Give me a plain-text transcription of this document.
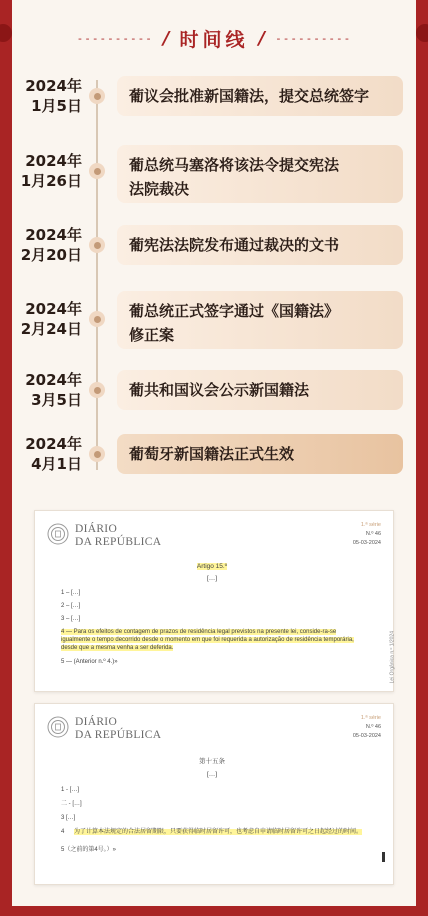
---------- / 时间线 / ----------
2024年
1月5日
葡议会批准新国籍法，提交总统签字
2024年
1月26日
葡总统马塞洛将该法令提交宪法
法院裁决
2024年
2月20日
葡宪法法院发布通过裁决的文书
2024年
2月24日
葡总统正式签字通过《国籍法》
修正案
2024年
3月5日
葡共和国议会公示新国籍法
2024年
4月1日
葡萄牙新国籍法正式生效
DIÁRIO
DA REPÚBLICA
1.ª série
N.º 46
05-03-2024
Artigo 15.º
[…]
1 – […]
2 – […]
3 – […]
4 — Para os efeitos de contagem de prazos de residência legal previstos na presente lei, conside-ra-se igualmente o tempo decorrido desde o momento em que foi requerida a autorização de residência temporária, desde que a mesma venha a ser deferida.
5 — (Anterior n.º 4.)»	Lei Orgânica n.º 1/2024
DIÁRIO
DA REPÚBLICA
1.ª série
N.º 46
05-03-2024
第十五条
[…]
1 - […]
二 - […]
3 […]
4 为了计算本法规定的合法居留期限，只要获得临时居留许可，也考虑自申请临时居留许可之日起经过的时间。
5（之前的第4号。）»
